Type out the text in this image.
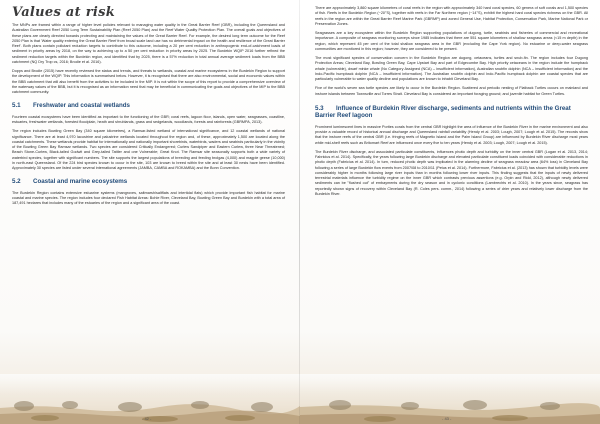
Values at risk

The MNPs are framed within a range of higher level policies relevant to managing water quality in the Great Barrier Reef (GBR), including the Queensland and Australian Government Reef 2050 Long Term Sustainability Plan (Reef 2050 Plan) and the Reef Water Quality Protection Plan. The overall goals and objectives of these plans are clearly directed towards protecting and maintaining the values of the Great Barrier Reef. For example, the desired long term outcome for the Reef 2050 Plan is that 'Water quality entering the Great Barrier Reef from broad scale land use has no detrimental impact on the health and resilience of the Great Barrier Reef'. Both plans contain pollutant reduction targets to contribute to this outcome, including a 20 per cent reduction in anthropogenic end-of-catchment loads of sediment in priority areas by 2018, on the way to achieving up to a 50 per cent reduction in priority areas by 2025. The Burdekin WQIP 2016 further refined the sediment reduction targets within the Burdekin region, and identified that by 2025, there is a 57% reduction in total annual average sediment loads from the BBB catchment (NQ Dry Trop cs, 2016; Brodie et al. 2016).

Dopps and Brodie (2015) have recently reviewed the status and trends, and threats to wetlands, coastal and marine ecosystems in the Burdekin Region to support the development of the WQIP. This information is summarised below. However, it is recognised that there are also environmental, social and economic values within the BBB catchment that will also benefit from the activities to be included in the MIP. It is not within the scope of this report to provide a comprehensive overview of the waterway values of the BBB, but it is recognised as an information need that may be beneficial in communicating the goals and objectives of the MIP to the BBB catchment community.

5.1  Freshwater and coastal wetlands

Fourteen coastal ecosystems have been identified as important to the functioning of the GBR; coral reefs, lagoon floor, islands, open water, seagrasses, coastline, estuaries, freshwater wetlands, forested floodplain, heath and shrublands, grass and sedgelands, woodlands, forests and rainforests (GBRMPA, 2013).

The region includes Bowling Green Bay (340 square kilometres), a Ramsar-listed wetland of international significance, and 12 coastal wetlands of national significance. There are at least 4,970 lacustrine and palustrine wetlands located throughout the region and, of these, approximately 1,500 are located along the coastal catchments. These wetlands provide habitat for internationally and nationally important shorebirds, waterbirds, waders and seabirds particularly in the vicinity of the Bowling Green Bay Ramsar wetlands. Two species are considered Critically Endangered; Curlew Sandpiper and Eastern Curlew, three Near Threatened; Beach Stone-Curlew, Black-tailed Godwit and Grey-tailed Tattler and one Vulnerable; Great Knot. The Ramsar site seasonally supports both a wide variety of waterbird species, together with significant numbers. The site supports the largest populations of breeding and feeding brolgas (4,000) and magpie geese (10,000) in north-east Queensland. Of the 224 bird species known to occur in the site, 103 are known to breed within the site and at least 30 nests have been identified. Approximately 30 species are listed under several international agreements (JAMBA, CAMBA and ROKAMBA) and the Bonn Convention.

5.2  Coastal and marine ecosystems

The Burdekin Region contains extensive estuarine systems (mangroves, saltmarsh/saltflats and intertidal flats) which provide important fish habitat for marine coastal and marine species. The region includes four declared Fish Habitat Areas: Bohle River, Cleveland Bay, Bowling Green Bay and Burdekin with a total area of 187,491 hectares that includes many of the estuaries of the region and a significant area of the coast.

- 42 -

There are approximately 3,860 square kilometres of coral reefs in the region with approximately 340 hard coral species, 60 genera of soft corals and 1,500 species of fish. Reefs in the Burdekin Region (~20°S), together with reefs in the Far Northern region (~14°S), exhibit the highest hard coral species richness on the GBR. All reefs in the region are within the Great Barrier Reef Marine Park (GBRMP) and zoned General Use, Habitat Protection, Conservation Park, Marine National Park or Preservation Zones.

Seagrasses are a key ecosystem within the Burdekin Region supporting populations of dugong, turtle, seabirds and fisheries of commercial and recreational importance. A composite of seagrass monitoring surveys since 1985 indicates that there are 551 square kilometres of shallow seagrass areas (<15 m depth) in the region, which represent 45 per cent of the total shallow seagrass area in the GBR (excluding the Cape York region). No estuarine or deep-water seagrass communities are monitored in this region; however, they are considered to be present.

The most significant species of conservation concern in the Burdekin Region are dugong, cetaceans, turtles and snub-fin. The region includes four Dugong Protection Areas; Cleveland Bay, Bowling Green Bay, Cape Upstart Bay and part of Edgecumbe Bay. High priority cetaceans in the region include the humpback whale (vulnerable), dwarf minke whale (No Category Assigned (NCA) – insufficient information), Australian snubfin dolphin (NCA – insufficient information) and the Indo-Pacific humpback dolphin (NCA – insufficient information). The Australian snubfin dolphin and Indo-Pacific humpback dolphin are coastal species that are particularly vulnerable to water quality decline and populations are known to inhabit Cleveland Bay.

Five of the world's seven sea turtle species are likely to occur in the Burdekin Region. Scattered and periodic nesting of Flatback Turtles occurs on mainland and inshore islands between Townsville and Torres Strait. Cleveland Bay is considered an important foraging ground; and juvenile habitat for Green Turtles.

5.3  Influence of Burdekin River discharge, sediments and nutrients within the Great Barrier Reef lagoon

Prominent luminescent lines in massive Porites corals from the central GBR highlight the area of influence of the Burdekin River in the marine environment and also provide a valuable record of historical annual discharge and Queensland rainfall variability (Hendy et al. 2003; Lough, 2007; Lough et al. 2015). The records show that the inshore reefs of the central GBR (i.e. fringing reefs of Magnetic Island and the Palm Island Group) are influenced by Burdekin River discharge most years while mid-shelf reefs such as Britomart Reef are influenced once every five to ten years (Hendy et al. 2003; Lough, 2007; Lough et al. 2015).

The Burdekin River discharge, and associated particulate constituents, influences photic depth and turbidity on the inner central GBR (Logan et al. 2013, 2014; Fabricius et al. 2014). Specifically, the years following large Burdekin discharge and elevated particulate constituent loads coincided with considerable reductions in photic depth (Fabricius et al. 2014). In turn, reduced photic depth was implicated in the alarming decline of seagrass meadow area (64% loss) in Cleveland Bay following a series of large Burdekin flow events from 2007/08 to 2010/11 (Petus et al. 2014). Furthermore, Fabricius et al. (2013) has shown that turbidity levels were considerably higher in months following large river inputs than in months following lower river inputs. This finding suggests that the inputs of newly delivered terrestrial materials influence the turbidity regime on the inner GBR which contrasts previous assertions (e.g. Orpin and Ridd, 2012), although newly delivered sediments can be "flushed out" of embayments during the dry season and in cyclonic conditions (Lambrechts et al. 2010). In the years since, seagrass has reportedly shown signs of recovery within Cleveland Bay (R. Coles pers. comm., 2014) following a series of drier years and relatively lower discharge from the Burdekin River.

- 43 -
